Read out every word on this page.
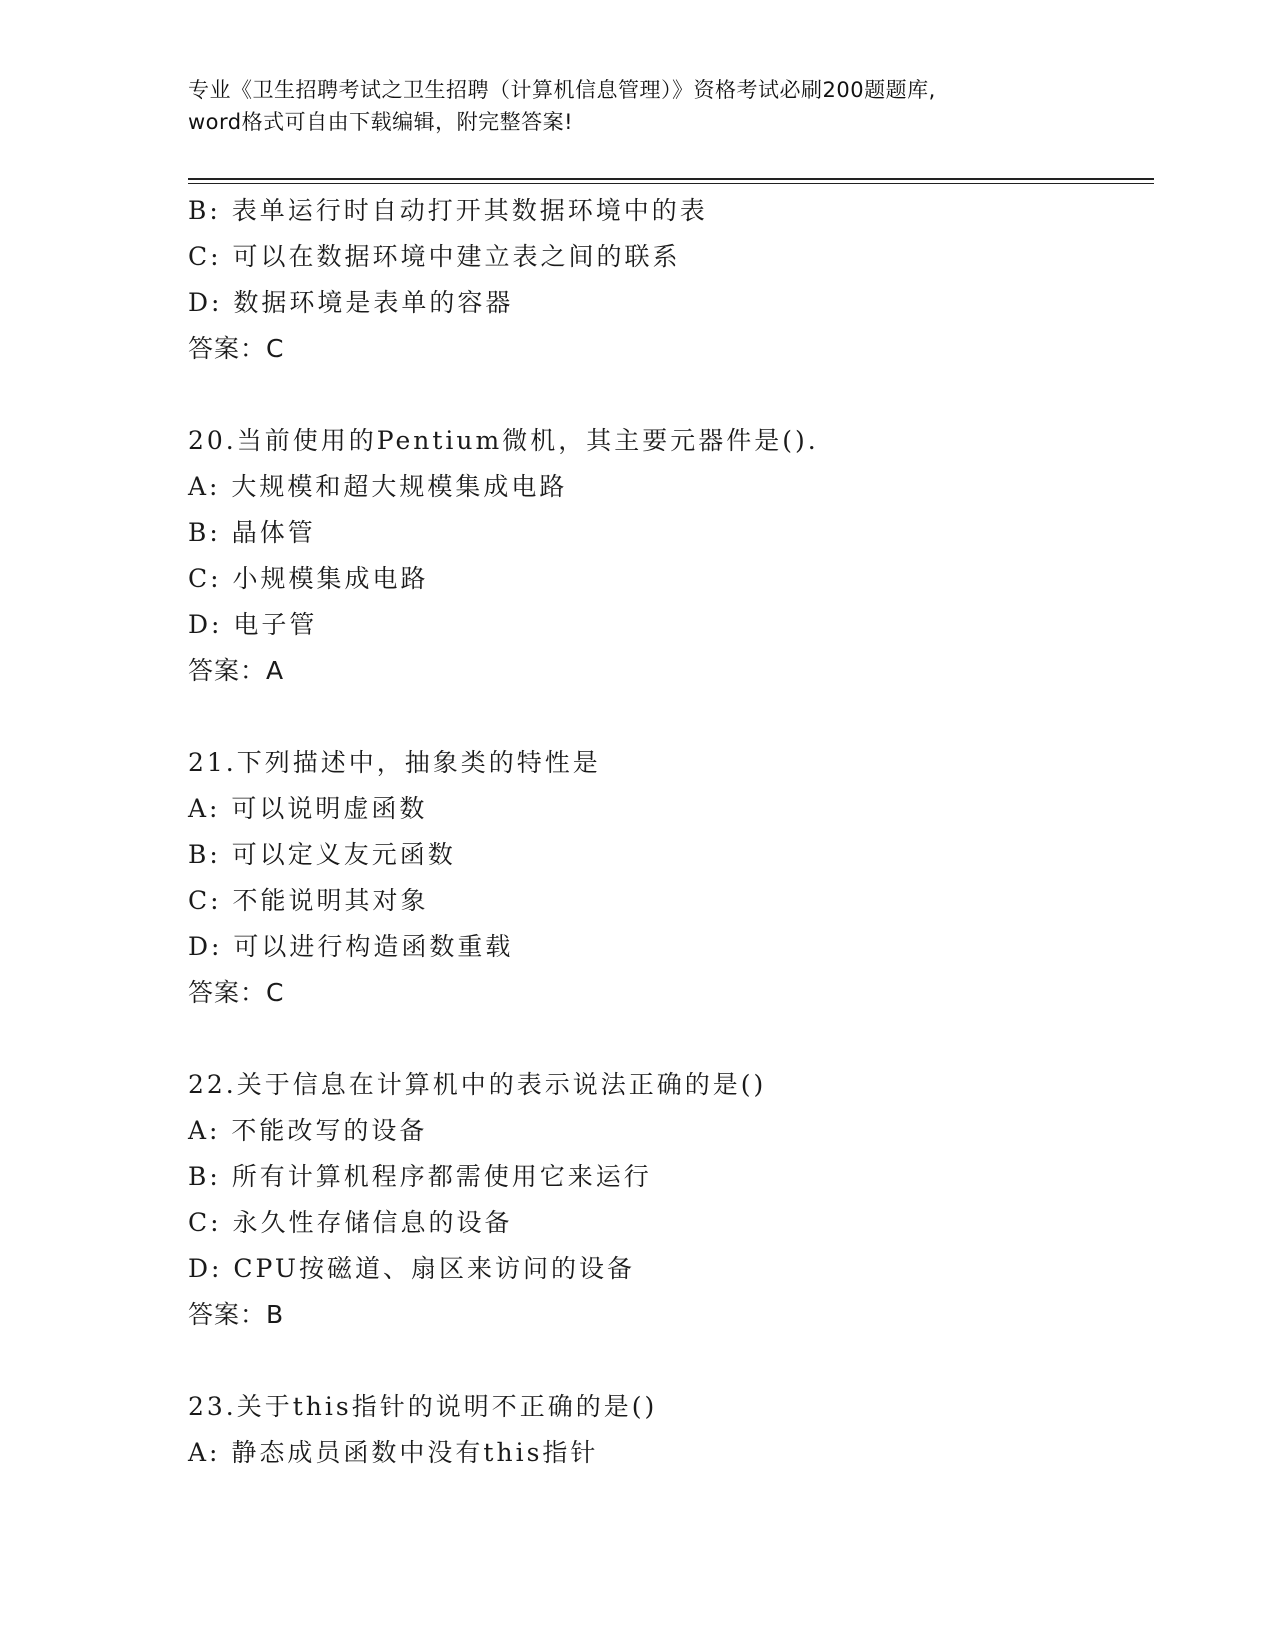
专业《卫生招聘考试之卫生招聘（计算机信息管理）》资格考试必刷200题题库,
word格式可自由下载编辑，附完整答案!
B: 表单运行时自动打开其数据环境中的表
C: 可以在数据环境中建立表之间的联系
D: 数据环境是表单的容器
答案：C
20.当前使用的Pentium微机，其主要元器件是().
A: 大规模和超大规模集成电路
B: 晶体管
C: 小规模集成电路
D: 电子管
答案：A
21.下列描述中，抽象类的特性是
A: 可以说明虚函数
B: 可以定义友元函数
C: 不能说明其对象
D: 可以进行构造函数重载
答案：C
22.关于信息在计算机中的表示说法正确的是()
A: 不能改写的设备
B: 所有计算机程序都需使用它来运行
C: 永久性存储信息的设备
D: CPU按磁道、扇区来访问的设备
答案：B
23.关于this指针的说明不正确的是()
A: 静态成员函数中没有this指针
